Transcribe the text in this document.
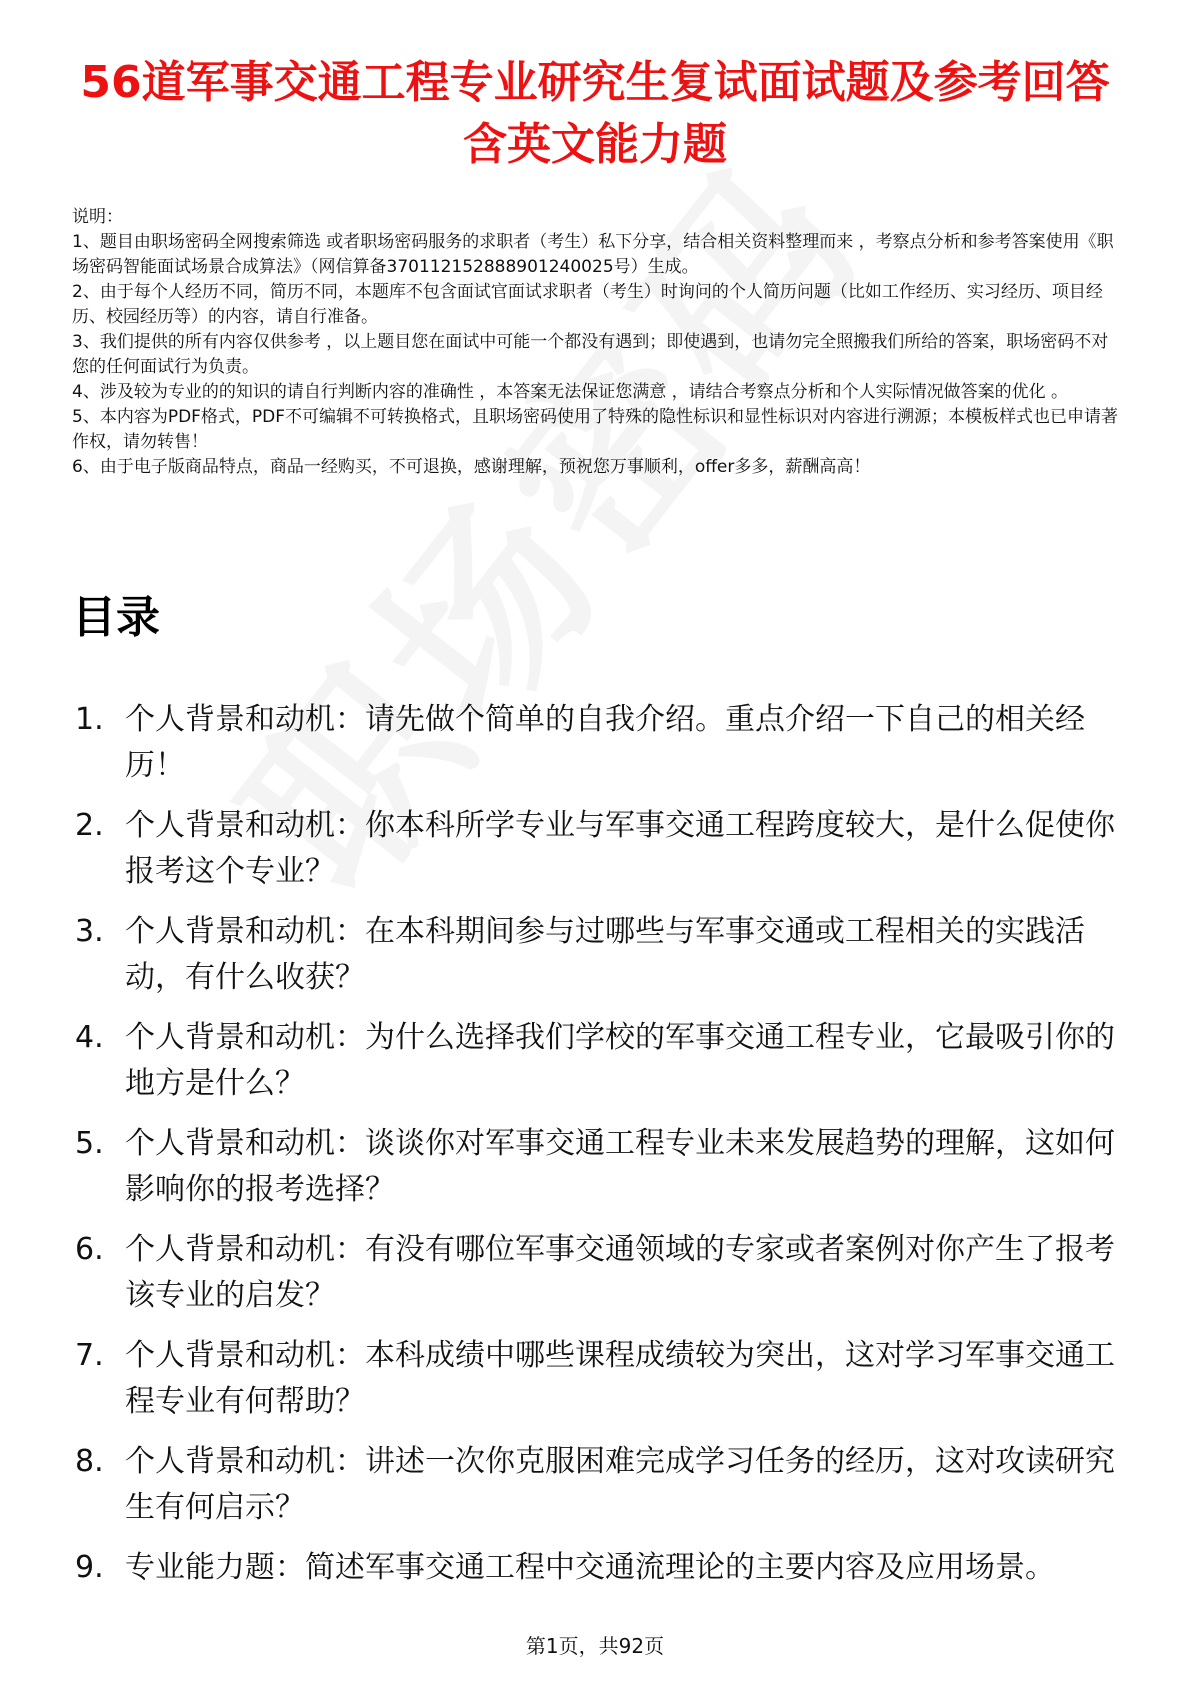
56道军事交通工程专业研究生复试面试题及参考回答含英文能力题

说明：

1、题目由职场密码全网搜索筛选 或者职场密码服务的求职者（考生）私下分享，结合相关资料整理而来 ，考察点分析和参考答案使用《职场密码智能面试场景合成算法》（网信算备370112152888901240025号）生成。

2、由于每个人经历不同，简历不同，本题库不包含面试官面试求职者（考生）时询问的个人简历问题（比如工作经历、实习经历、项目经历、校园经历等）的内容，请自行准备。

3、我们提供的所有内容仅供参考 ，以上题目您在面试中可能一个都没有遇到；即使遇到，也请勿完全照搬我们所给的答案，职场密码不对您的任何面试行为负责。

4、涉及较为专业的的知识的请自行判断内容的准确性 ，本答案无法保证您满意 ，请结合考察点分析和个人实际情况做答案的优化 。

5、本内容为PDF格式，PDF不可编辑不可转换格式，且职场密码使用了特殊的隐性标识和显性标识对内容进行溯源；本模板样式也已申请著作权，请勿转售！

6、由于电子版商品特点，商品一经购买，不可退换，感谢理解，预祝您万事顺利，offer多多，薪酬高高！

目录
1. 个人背景和动机：请先做个简单的自我介绍。重点介绍一下自己的相关经历！
2. 个人背景和动机：你本科所学专业与军事交通工程跨度较大，是什么促使你报考这个专业？
3. 个人背景和动机：在本科期间参与过哪些与军事交通或工程相关的实践活动，有什么收获？
4. 个人背景和动机：为什么选择我们学校的军事交通工程专业，它最吸引你的地方是什么？
5. 个人背景和动机：谈谈你对军事交通工程专业未来发展趋势的理解，这如何影响你的报考选择？
6. 个人背景和动机：有没有哪位军事交通领域的专家或者案例对你产生了报考该专业的启发？
7. 个人背景和动机：本科成绩中哪些课程成绩较为突出，这对学习军事交通工程专业有何帮助？
8. 个人背景和动机：讲述一次你克服困难完成学习任务的经历，这对攻读研究生有何启示？
9. 专业能力题：简述军事交通工程中交通流理论的主要内容及应用场景。
第1页，共92页
